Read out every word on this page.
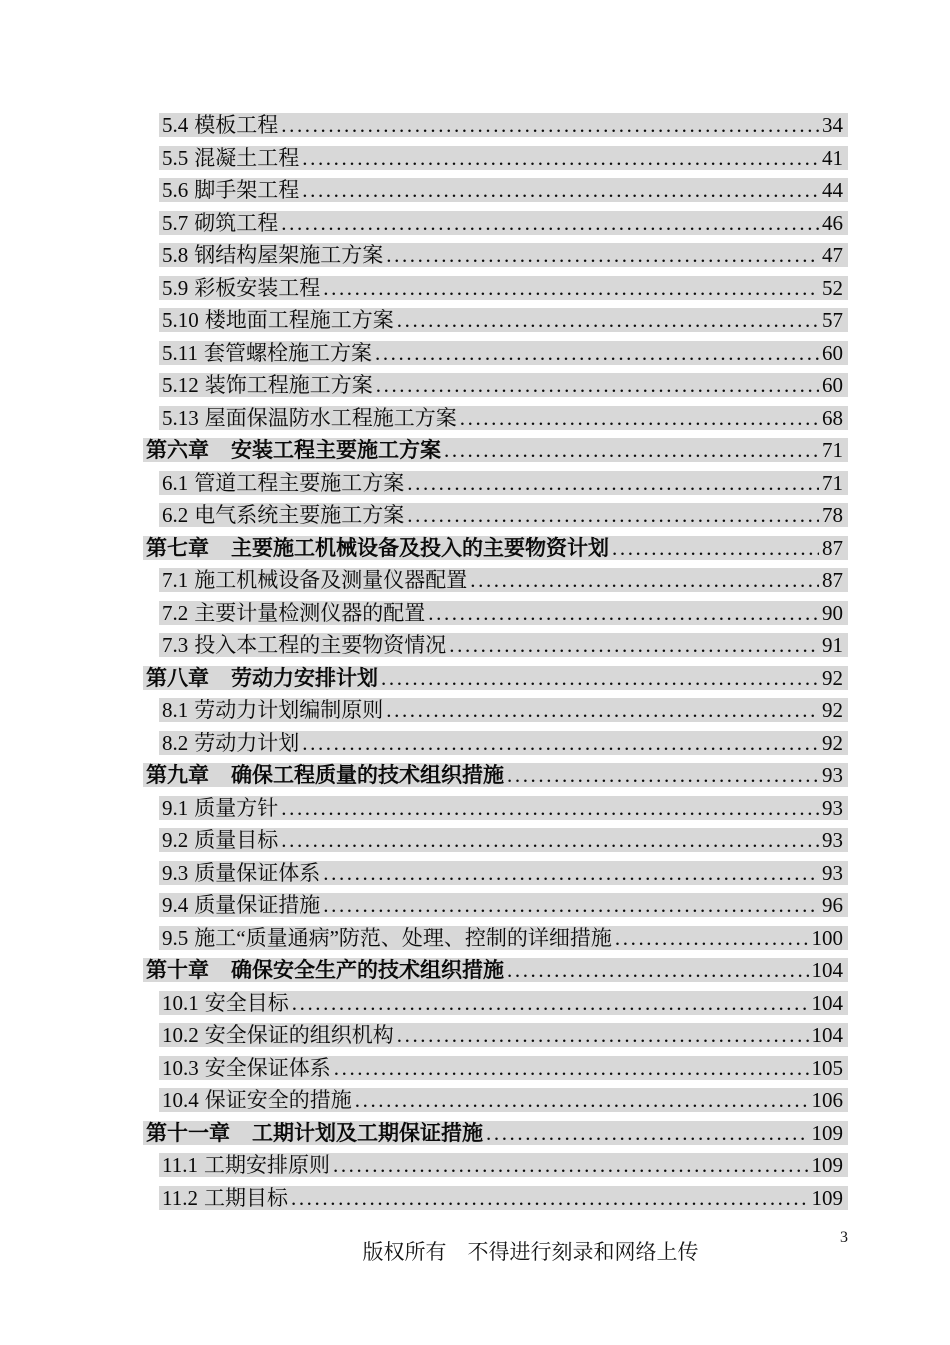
5.4 模板工程 .....	34
5.5 混凝土工程 .....	41
5.6 脚手架工程 .....	44
5.7 砌筑工程 .....	46
5.8 钢结构屋架施工方案 .....	47
5.9 彩板安装工程 .....	52
5.10 楼地面工程施工方案 .....	57
5.11 套管螺栓施工方案 .....	60
5.12 装饰工程施工方案 .....	60
5.13 屋面保温防水工程施工方案 .....	68
第六章 安装工程主要施工方案 .....	71
6.1 管道工程主要施工方案 .....	71
6.2 电气系统主要施工方案 .....	78
第七章 主要施工机械设备及投入的主要物资计划 .....	87
7.1 施工机械设备及测量仪器配置 .....	87
7.2 主要计量检测仪器的配置 .....	90
7.3 投入本工程的主要物资情况 .....	91
第八章 劳动力安排计划 .....	92
8.1 劳动力计划编制原则 .....	92
8.2 劳动力计划 .....	92
第九章 确保工程质量的技术组织措施 .....	93
9.1 质量方针 .....	93
9.2 质量目标 .....	93
9.3 质量保证体系 .....	93
9.4 质量保证措施 .....	96
9.5 施工“质量通病”防范、处理、控制的详细措施 .....	100
第十章 确保安全生产的技术组织措施 .....	104
10.1 安全目标 .....	104
10.2 安全保证的组织机构 .....	104
10.3 安全保证体系 .....	105
10.4 保证安全的措施 .....	106
第十一章 工期计划及工期保证措施 .....	109
11.1 工期安排原则 .....	109
11.2 工期目标 .....	109
版权所有　不得进行刻录和网络上传
3
